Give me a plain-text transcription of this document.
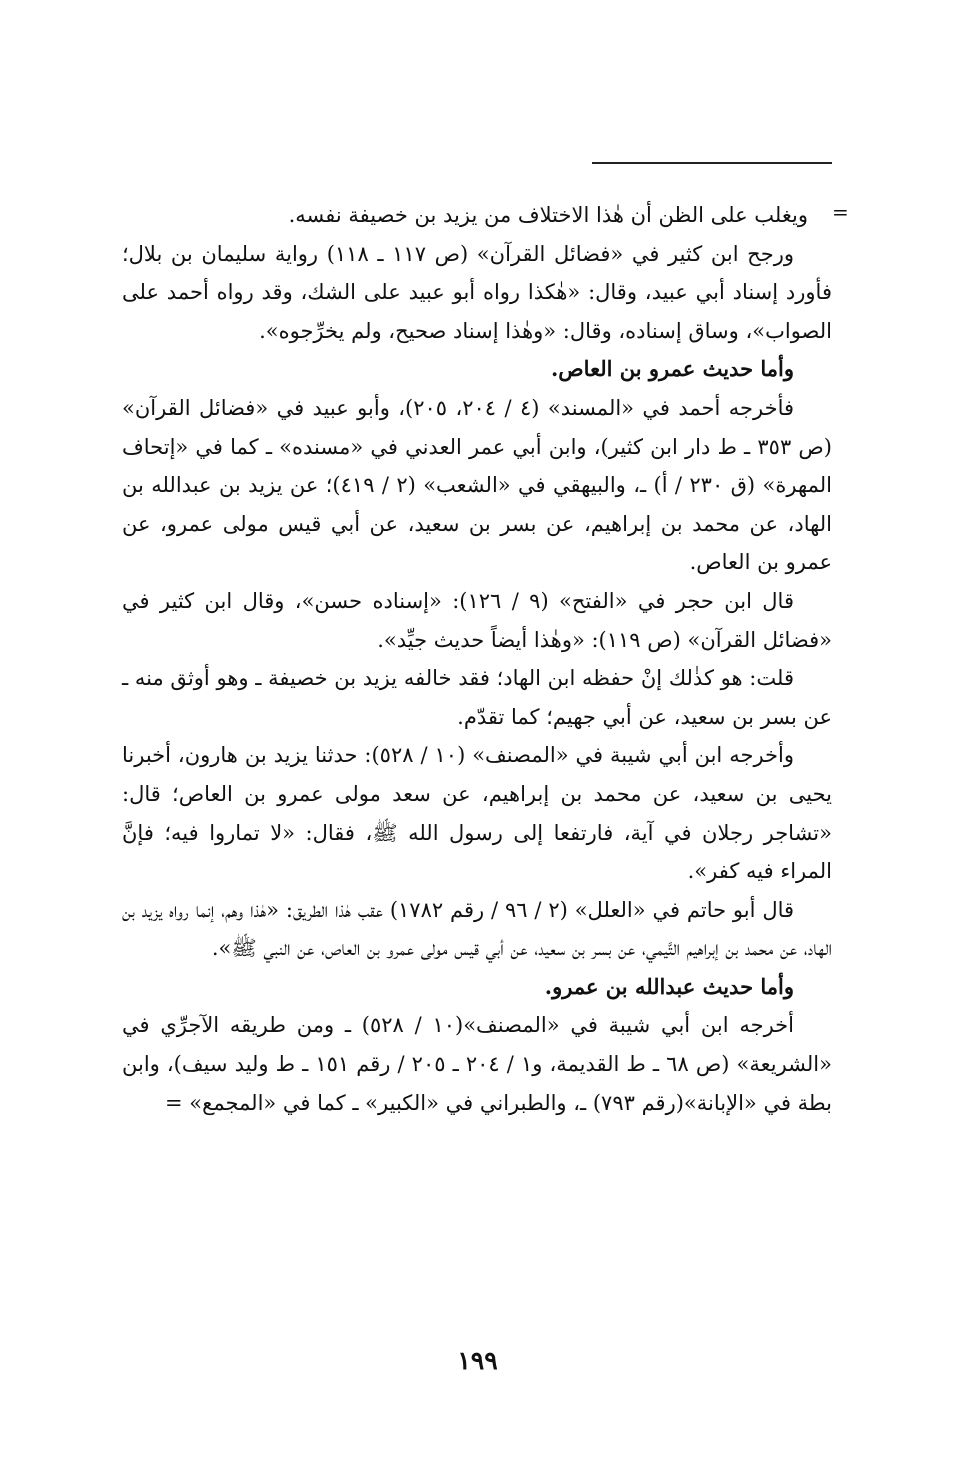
=

ويغلب على الظن أن هٰذا الاختلاف من يزيد بن خصيفة نفسه.

ورجح ابن كثير في «فضائل القرآن» (ص ١١٧ ـ ١١٨) رواية سليمان بن بلال؛ فأورد إسناد أبي عبيد، وقال: «هٰكذا رواه أبو عبيد على الشك، وقد رواه أحمد على الصواب»، وساق إسناده، وقال: «وهٰذا إسناد صحيح، ولم يخرِّجوه».

وأما حديث عمرو بن العاص.

فأخرجه أحمد في «المسند» (٤ / ٢٠٤، ٢٠٥)، وأبو عبيد في «فضائل القرآن» (ص ٣٥٣ ـ ط دار ابن كثير)، وابن أبي عمر العدني في «مسنده» ـ كما في «إتحاف المهرة» (ق ٢٣٠ / أ) ـ، والبيهقي في «الشعب» (٢ / ٤١٩)؛ عن يزيد بن عبدالله بن الهاد، عن محمد بن إبراهيم، عن بسر بن سعيد، عن أبي قيس مولى عمرو، عن عمرو بن العاص.

قال ابن حجر في «الفتح» (٩ / ١٢٦): «إسناده حسن»، وقال ابن كثير في «فضائل القرآن» (ص ١١٩): «وهٰذا أيضاً حديث جيِّد».

قلت: هو كذٰلك إنْ حفظه ابن الهاد؛ فقد خالفه يزيد بن خصيفة ـ وهو أوثق منه ـ عن بسر بن سعيد، عن أبي جهيم؛ كما تقدّم.

وأخرجه ابن أبي شيبة في «المصنف» (١٠ / ٥٢٨): حدثنا يزيد بن هارون، أخبرنا يحيى بن سعيد، عن محمد بن إبراهيم، عن سعد مولى عمرو بن العاص؛ قال: «تشاجر رجلان في آية، فارتفعا إلى رسول الله ﷺ، فقال: «لا تماروا فيه؛ فإنَّ المراء فيه كفر».

قال أبو حاتم في «العلل» (٢ / ٩٦ / رقم ١٧٨٢) عقب هٰذا الطريق: «هٰذا وهم، إنما رواه يزيد بن الهاد، عن محمد بن إبراهيم التَّيمي، عن بسر بن سعيد، عن أبي قيس مولى عمرو بن العاص، عن النبي ﷺ».

وأما حديث عبدالله بن عمرو.

أخرجه ابن أبي شيبة في «المصنف»(١٠ / ٥٢٨) ـ ومن طريقه الآجرِّي في «الشريعة» (ص ٦٨ ـ ط القديمة، و١ / ٢٠٤ ـ ٢٠٥ / رقم ١٥١ ـ ط وليد سيف)، وابن بطة في «الإبانة»(رقم ٧٩٣) ـ، والطبراني في «الكبير» ـ كما في «المجمع» =

١٩٩
